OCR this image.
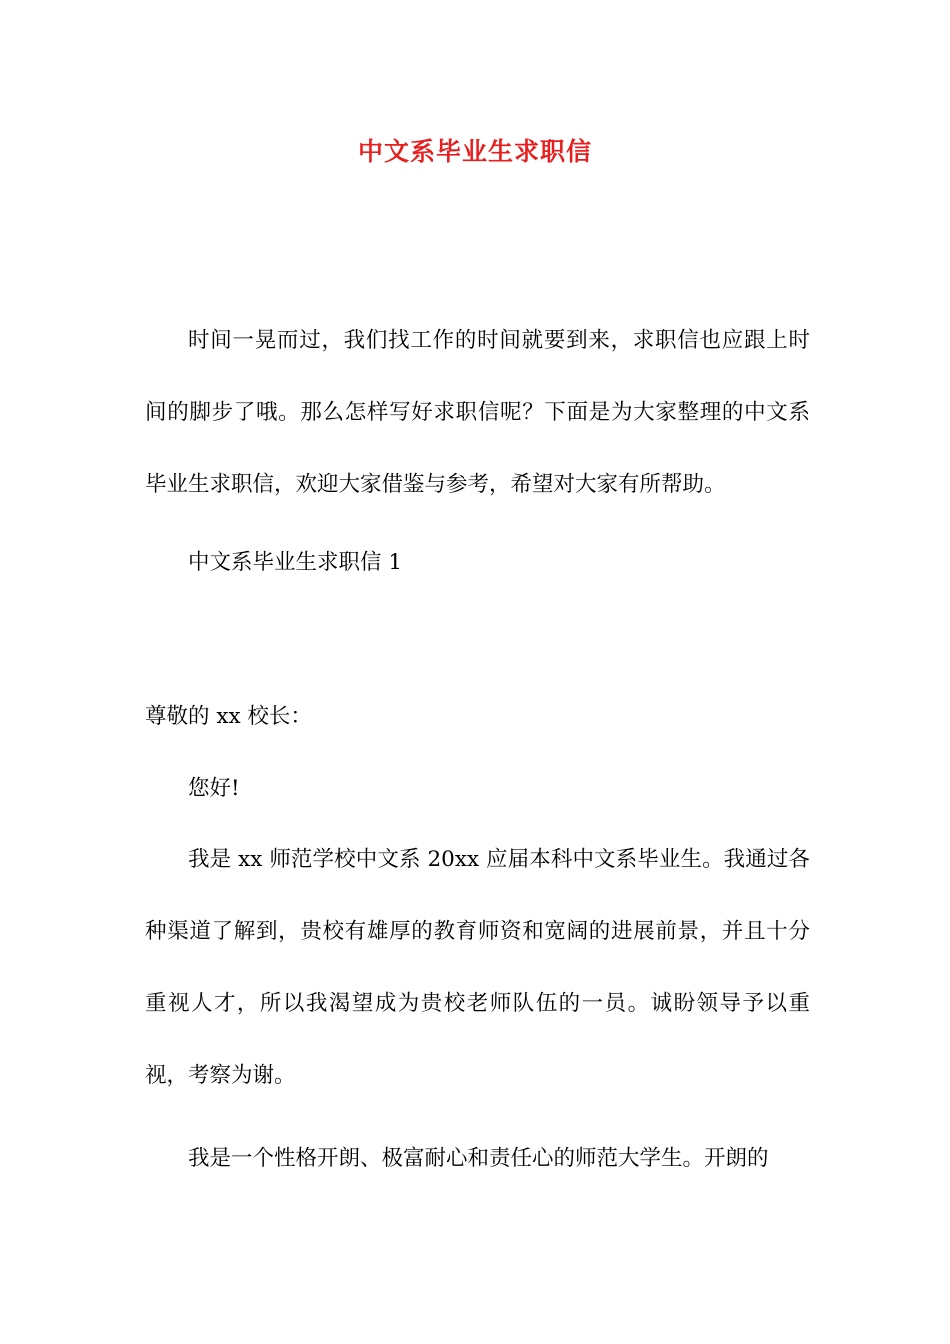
中文系毕业生求职信
时间一晃而过，我们找工作的时间就要到来，求职信也应跟上时间的脚步了哦。那么怎样写好求职信呢？下面是为大家整理的中文系毕业生求职信，欢迎大家借鉴与参考，希望对大家有所帮助。
中文系毕业生求职信 1
尊敬的 xx 校长：
您好!
我是 xx 师范学校中文系 20xx 应届本科中文系毕业生。我通过各种渠道了解到，贵校有雄厚的教育师资和宽阔的进展前景，并且十分重视人才，所以我渴望成为贵校老师队伍的一员。诚盼领导予以重视，考察为谢。
我是一个性格开朗、极富耐心和责任心的师范大学生。开朗的
